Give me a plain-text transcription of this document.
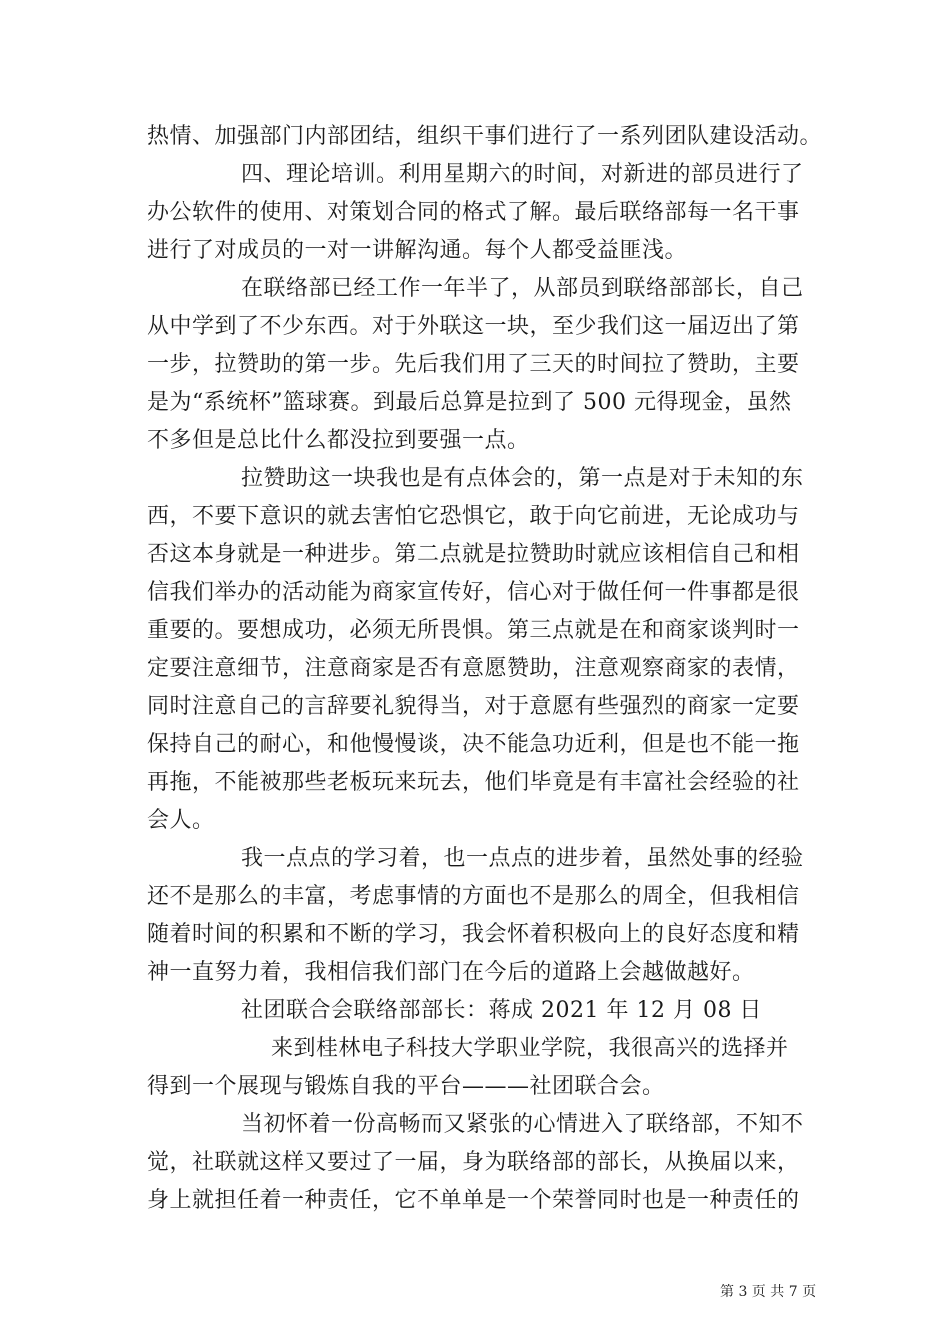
热情、加强部门内部团结，组织干事们进行了一系列团队建设活动。
四、理论培训。利用星期六的时间，对新进的部员进行了
办公软件的使用、对策划合同的格式了解。最后联络部每一名干事
进行了对成员的一对一讲解沟通。每个人都受益匪浅。
在联络部已经工作一年半了，从部员到联络部部长，自己
从中学到了不少东西。对于外联这一块，至少我们这一届迈出了第
一步，拉赞助的第一步。先后我们用了三天的时间拉了赞助，主要
是为“系统杯”篮球赛。到最后总算是拉到了 500 元得现金，虽然
不多但是总比什么都没拉到要强一点。
拉赞助这一块我也是有点体会的，第一点是对于未知的东
西，不要下意识的就去害怕它恐惧它，敢于向它前进，无论成功与
否这本身就是一种进步。第二点就是拉赞助时就应该相信自己和相
信我们举办的活动能为商家宣传好，信心对于做任何一件事都是很
重要的。要想成功，必须无所畏惧。第三点就是在和商家谈判时一
定要注意细节，注意商家是否有意愿赞助，注意观察商家的表情，
同时注意自己的言辞要礼貌得当，对于意愿有些强烈的商家一定要
保持自己的耐心，和他慢慢谈，决不能急功近利，但是也不能一拖
再拖，不能被那些老板玩来玩去，他们毕竟是有丰富社会经验的社
会人。
我一点点的学习着，也一点点的进步着，虽然处事的经验
还不是那么的丰富，考虑事情的方面也不是那么的周全，但我相信
随着时间的积累和不断的学习，我会怀着积极向上的良好态度和精
神一直努力着，我相信我们部门在今后的道路上会越做越好。
社团联合会联络部部长：蒋成 2021 年 12 月 08 日
来到桂林电子科技大学职业学院，我很高兴的选择并
得到一个展现与锻炼自我的平台———社团联合会。
当初怀着一份高畅而又紧张的心情进入了联络部，不知不
觉，社联就这样又要过了一届，身为联络部的部长，从换届以来，
身上就担任着一种责任，它不单单是一个荣誉同时也是一种责任的
第 3 页 共 7 页
